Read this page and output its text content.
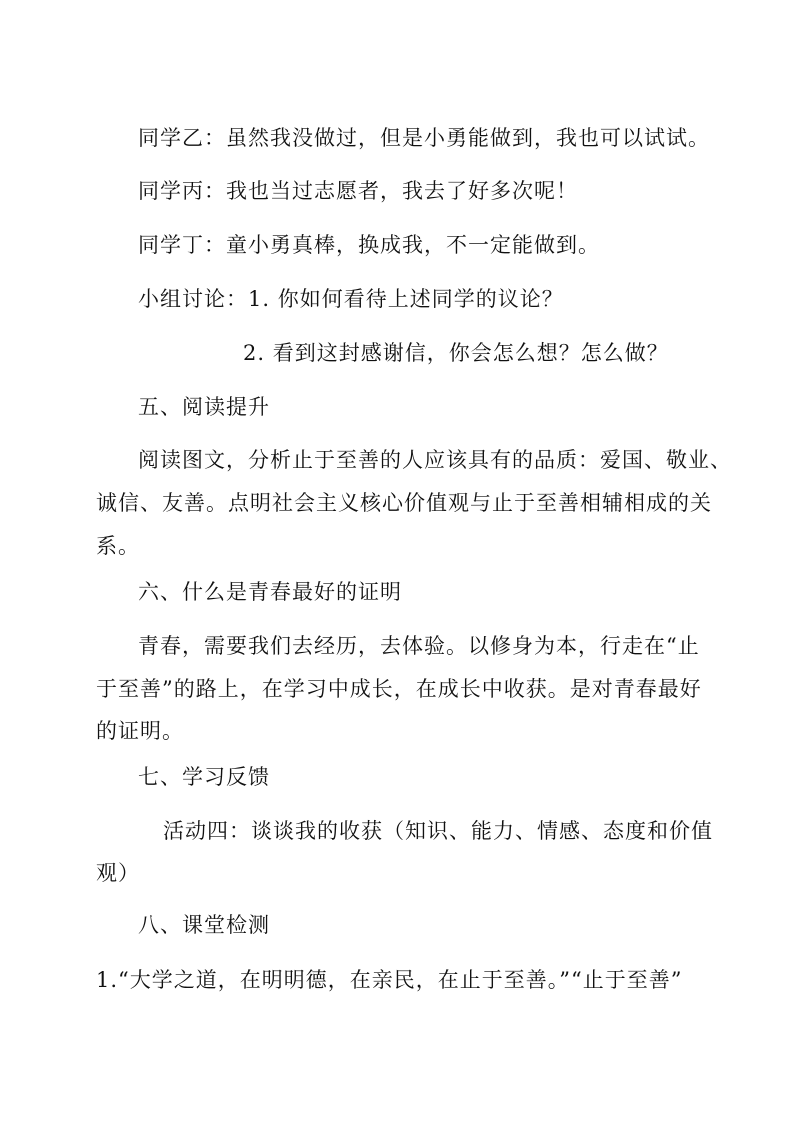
同学乙：虽然我没做过，但是小勇能做到，我也可以试试。

同学丙：我也当过志愿者，我去了好多次呢！

同学丁：童小勇真棒，换成我，不一定能做到。

小组讨论：1. 你如何看待上述同学的议论？

2. 看到这封感谢信，你会怎么想？怎么做？

五、阅读提升

阅读图文，分析止于至善的人应该具有的品质：爱国、敬业、

诚信、友善。点明社会主义核心价值观与止于至善相辅相成的关

系。

六、什么是青春最好的证明

青春，需要我们去经历，去体验。以修身为本，行走在“止

于至善”的路上，在学习中成长，在成长中收获。是对青春最好

的证明。

七、学习反馈

活动四：谈谈我的收获（知识、能力、情感、态度和价值

观）

八、课堂检测

1.“大学之道，在明明德，在亲民，在止于至善。”“止于至善”
